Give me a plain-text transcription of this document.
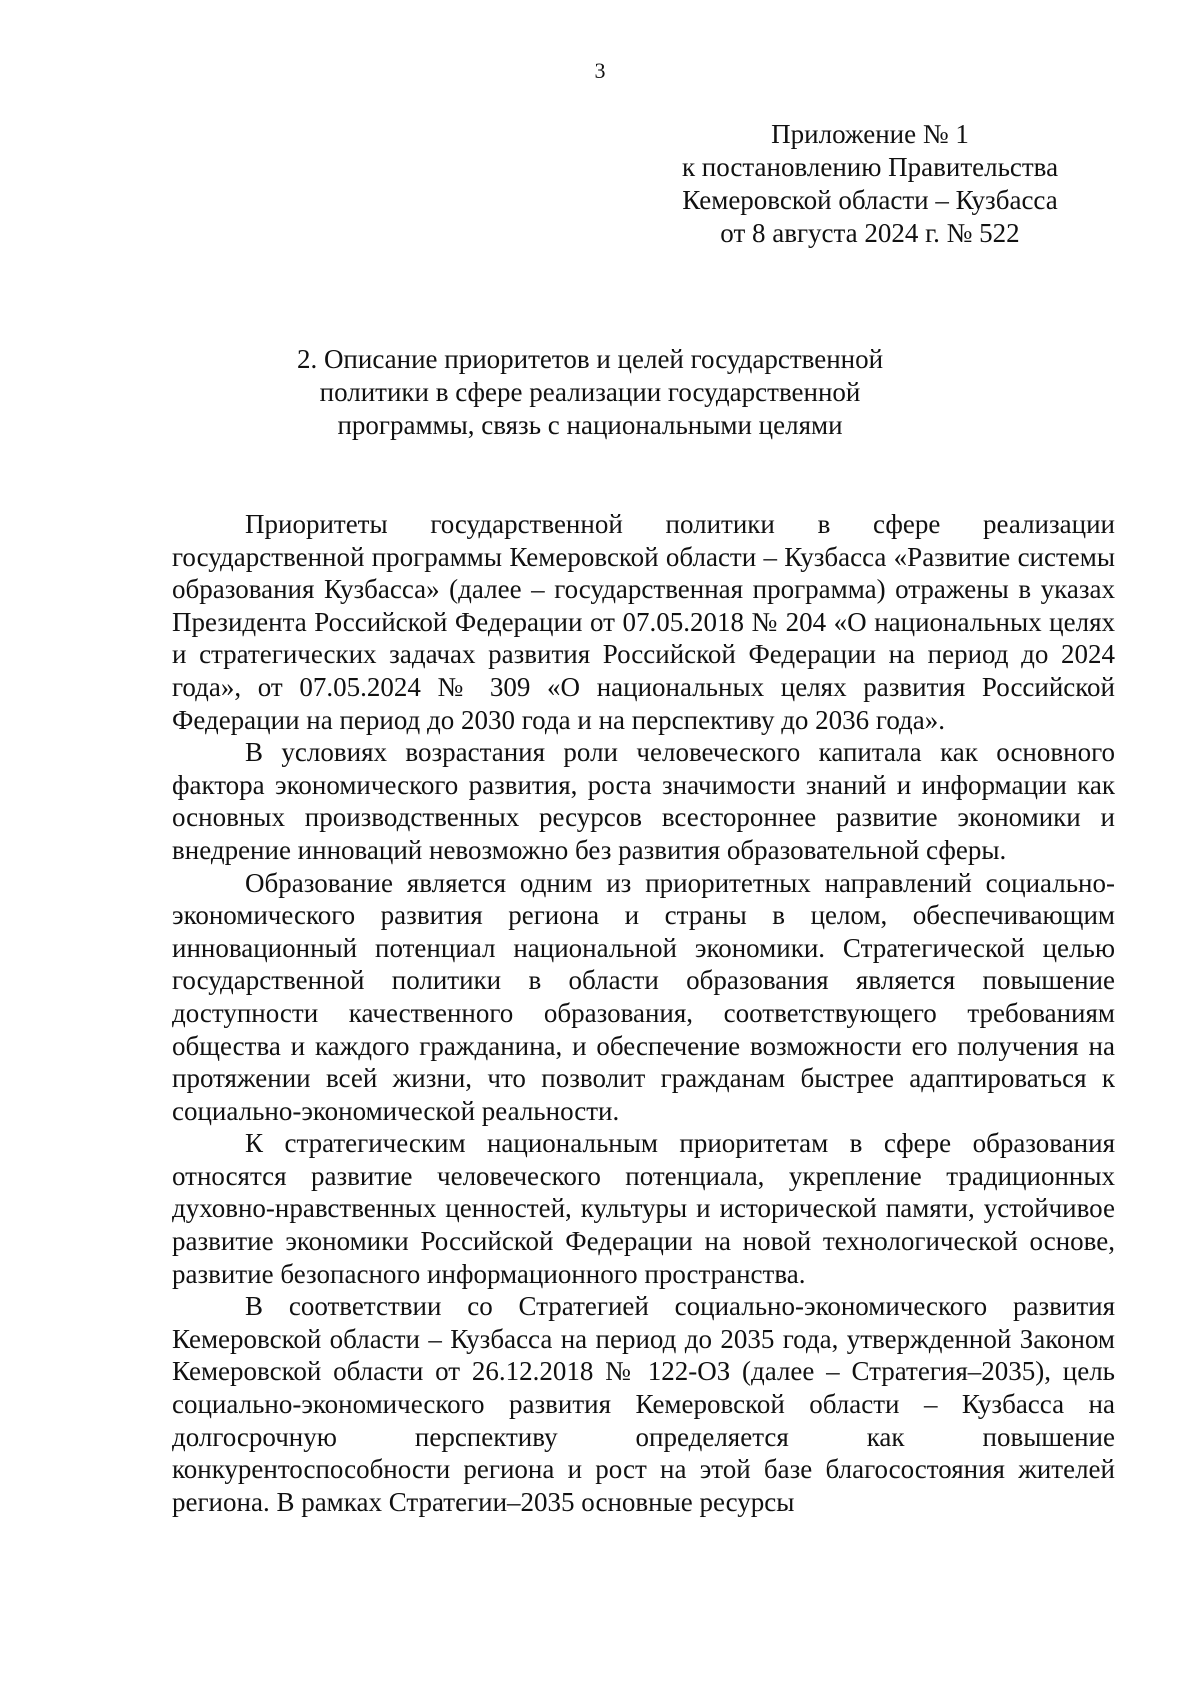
3
Приложение № 1
к постановлению Правительства
Кемеровской области – Кузбасса
от 8 августа 2024 г. № 522
2. Описание приоритетов и целей государственной
политики в сфере реализации государственной
программы, связь с национальными целями

Приоритеты государственной политики в сфере реализации государственной программы Кемеровской области – Кузбасса «Развитие системы образования Кузбасса» (далее – государственная программа) отражены в указах Президента Российской Федерации от 07.05.2018 № 204 «О национальных целях и стратегических задачах развития Российской Федерации на период до 2024 года», от 07.05.2024 № 309 «О национальных целях развития Российской Федерации на период до 2030 года и на перспективу до 2036 года».

В условиях возрастания роли человеческого капитала как основного фактора экономического развития, роста значимости знаний и информации как основных производственных ресурсов всестороннее развитие экономики и внедрение инноваций невозможно без развития образовательной сферы.

Образование является одним из приоритетных направлений социально-экономического развития региона и страны в целом, обеспечивающим инновационный потенциал национальной экономики. Стратегической целью государственной политики в области образования является повышение доступности качественного образования, соответствующего требованиям общества и каждого гражданина, и обеспечение возможности его получения на протяжении всей жизни, что позволит гражданам быстрее адаптироваться к социально-экономической реальности.

К стратегическим национальным приоритетам в сфере образования относятся развитие человеческого потенциала, укрепление традиционных духовно-нравственных ценностей, культуры и исторической памяти, устойчивое развитие экономики Российской Федерации на новой технологической основе, развитие безопасного информационного пространства.

В соответствии со Стратегией социально-экономического развития Кемеровской области – Кузбасса на период до 2035 года, утвержденной Законом Кемеровской области от 26.12.2018 № 122-ОЗ (далее – Стратегия–2035), цель социально-экономического развития Кемеровской области – Кузбасса на долгосрочную перспективу определяется как повышение конкурентоспособности региона и рост на этой базе благосостояния жителей региона. В рамках Стратегии–2035 основные ресурсы
